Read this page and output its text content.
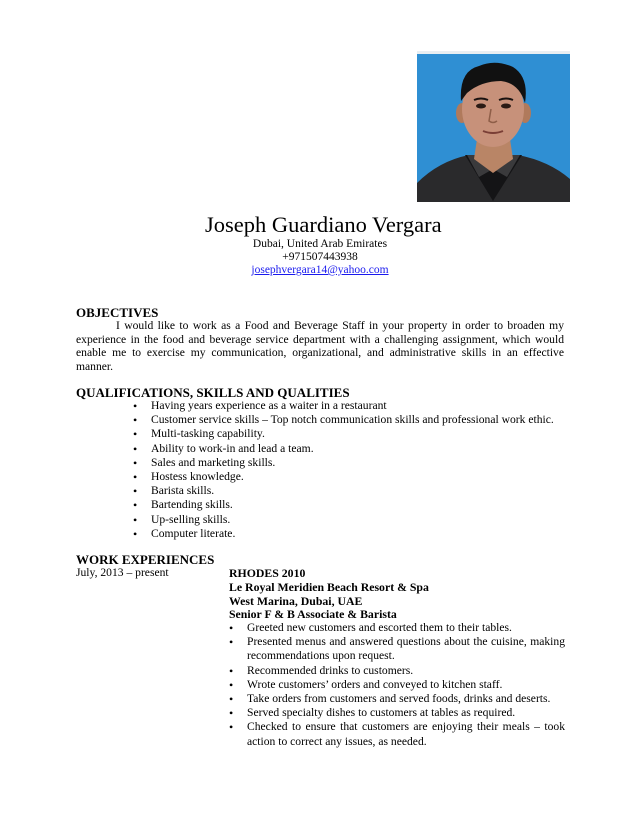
Joseph Guardiano Vergara
Dubai, United Arab Emirates
+971507443938
josephvergara14@yahoo.com
OBJECTIVES

I would like to work as a Food and Beverage Staff in your property in order to broaden my experience in the food and beverage service department with a challenging assignment, which would enable me to exercise my communication, organizational, and administrative skills in an effective manner.

QUALIFICATIONS, SKILLS AND QUALITIES
• Having years experience as a waiter in a restaurant
• Customer service skills – Top notch communication skills and professional work ethic.
• Multi-tasking capability.
• Ability to work-in and lead a team.
• Sales and marketing skills.
• Hostess knowledge.
• Barista skills.
• Bartending skills.
• Up-selling skills.
• Computer literate.
WORK EXPERIENCES
July, 2013 – present	RHODES 2010
Le Royal Meridien Beach Resort & Spa
West Marina, Dubai, UAE
Senior F & B Associate & Barista
• Greeted new customers and escorted them to their tables.
• Presented menus and answered questions about the cuisine, making recommendations upon request.
• Recommended drinks to customers.
• Wrote customers’ orders and conveyed to kitchen staff.
• Take orders from customers and served foods, drinks and deserts.
• Served specialty dishes to customers at tables as required.
• Checked to ensure that customers are enjoying their meals – took action to correct any issues, as needed.
